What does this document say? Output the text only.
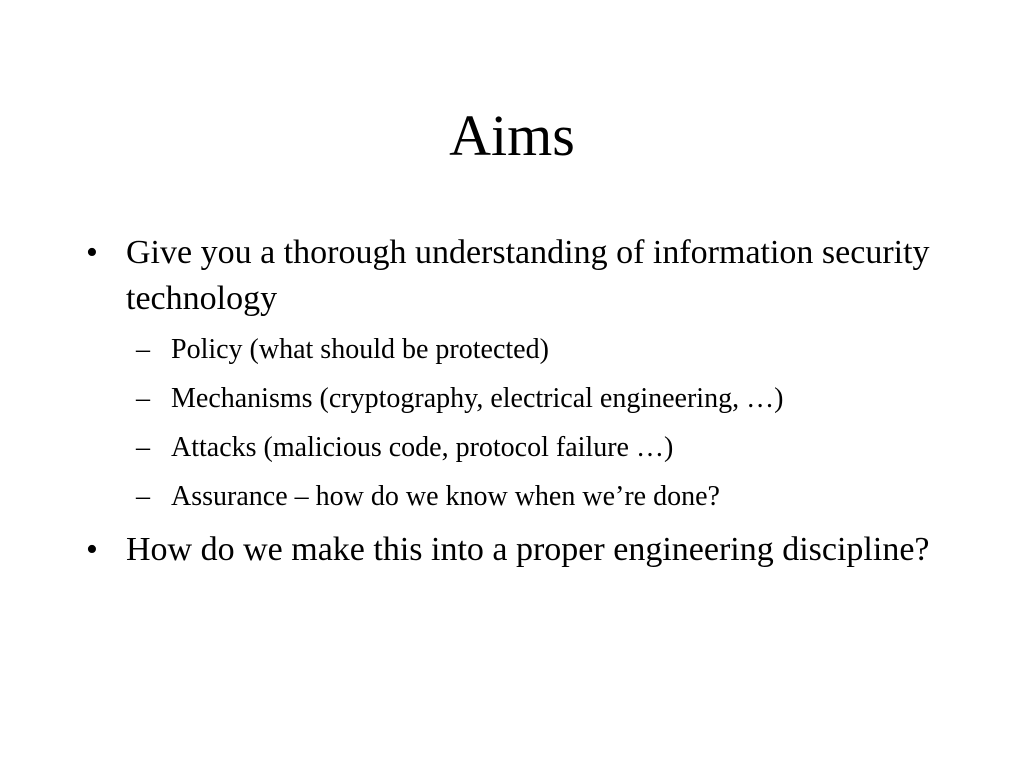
Aims
• Give you a thorough understanding of information security technology
– Policy (what should be protected)
– Mechanisms (cryptography, electrical engineering, …)
– Attacks (malicious code, protocol failure …)
– Assurance – how do we know when we’re done?
• How do we make this into a proper engineering discipline?
